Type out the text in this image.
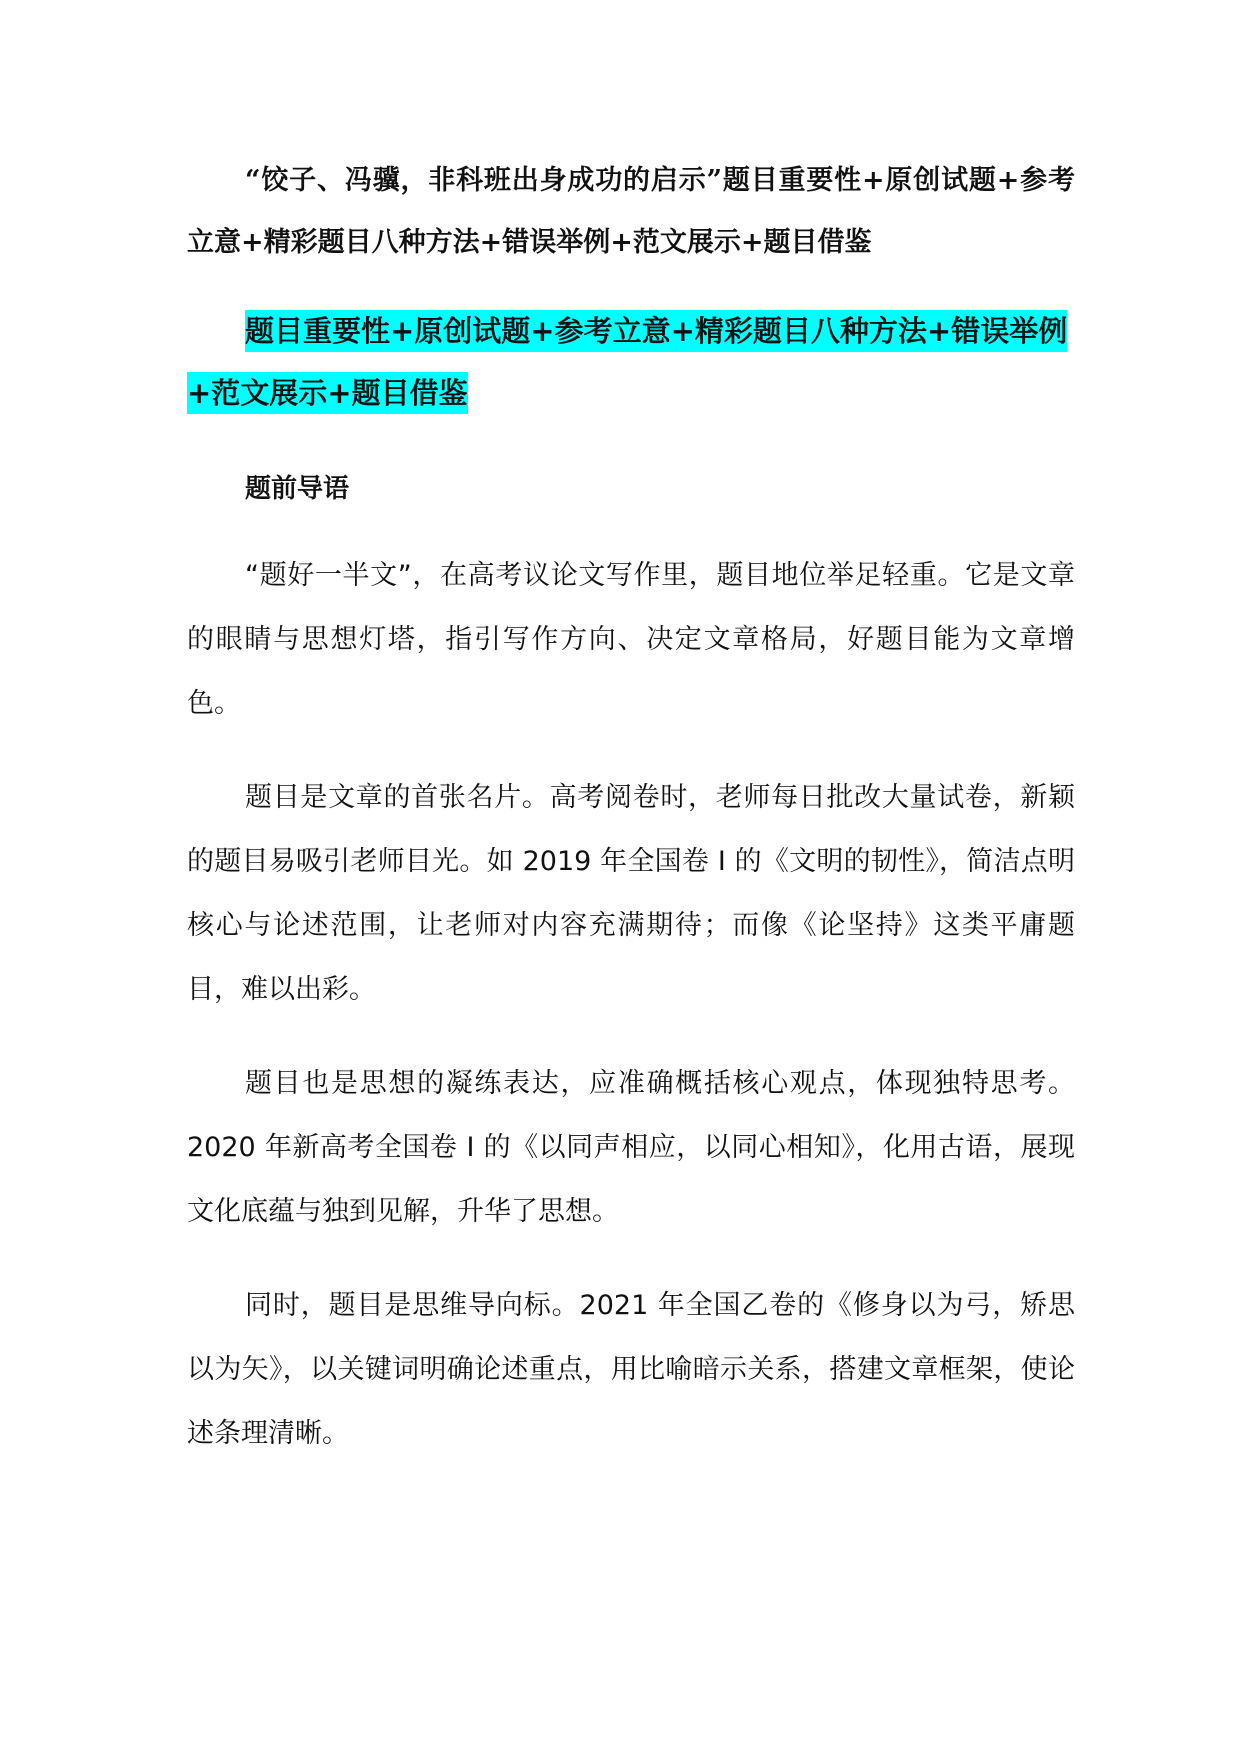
“饺子、冯骥，非科班出身成功的启示”题目重要性+原创试题+参考立意+精彩题目八种方法+错误举例+范文展示+题目借鉴

题目重要性+原创试题+参考立意+精彩题目八种方法+错误举例+范文展示+题目借鉴
题前导语

“题好一半文”，在高考议论文写作里，题目地位举足轻重。它是文章的眼睛与思想灯塔，指引写作方向、决定文章格局，好题目能为文章增色。

题目是文章的首张名片。高考阅卷时，老师每日批改大量试卷，新颖的题目易吸引老师目光。如 2019 年全国卷 I 的《文明的韧性》，简洁点明核心与论述范围，让老师对内容充满期待；而像《论坚持》这类平庸题目，难以出彩。

题目也是思想的凝练表达，应准确概括核心观点，体现独特思考。2020 年新高考全国卷 I 的《以同声相应，以同心相知》，化用古语，展现文化底蕴与独到见解，升华了思想。

同时，题目是思维导向标。2021 年全国乙卷的《修身以为弓，矫思以为矢》，以关键词明确论述重点，用比喻暗示关系，搭建文章框架，使论述条理清晰。
